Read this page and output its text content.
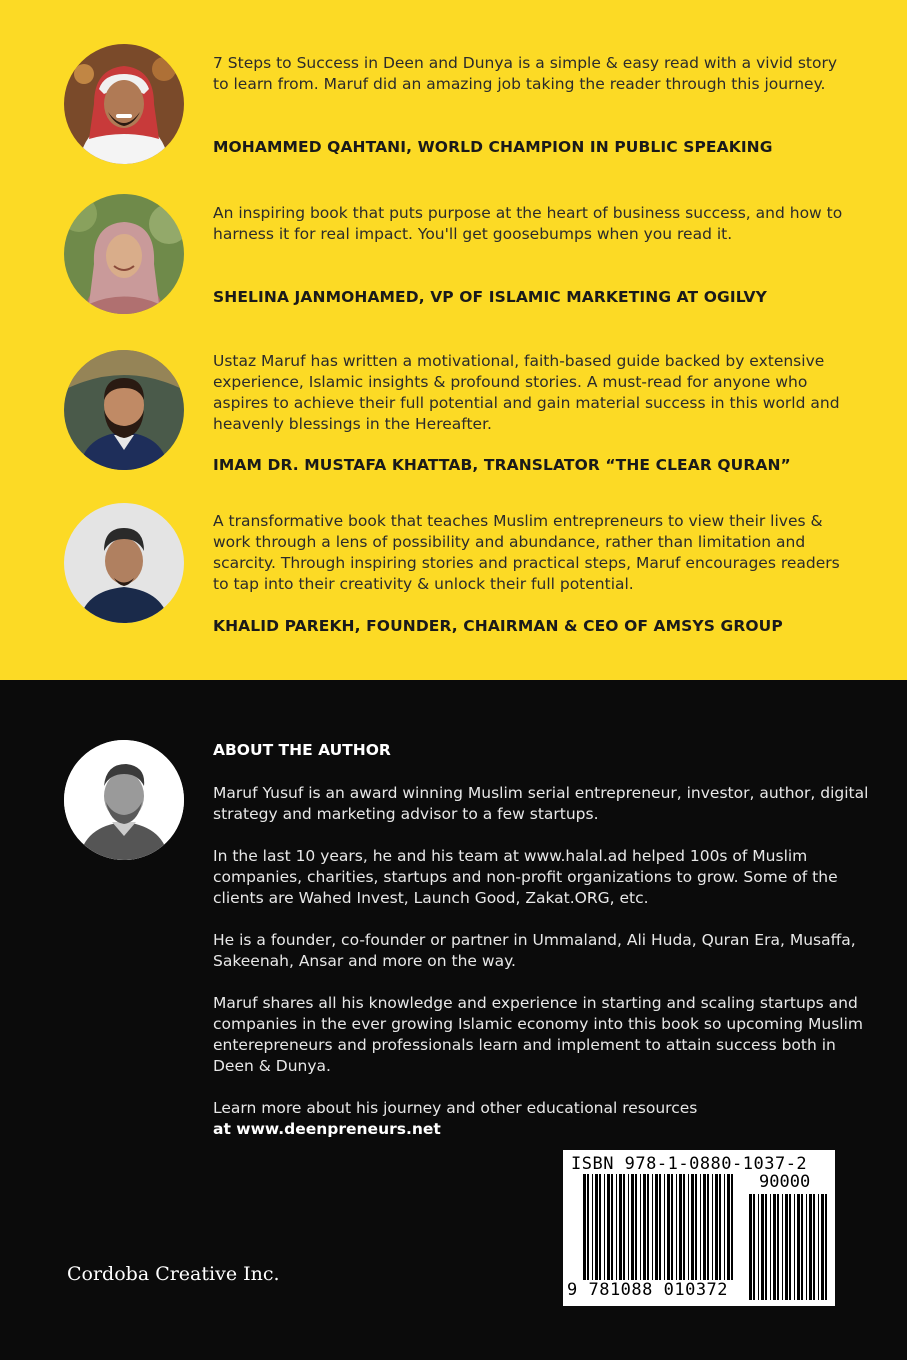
7 Steps to Success in Deen and Dunya is a simple & easy read with a vivid story to learn from. Maruf did an amazing job taking the reader through this journey.
MOHAMMED QAHTANI, WORLD CHAMPION IN PUBLIC SPEAKING
An inspiring book that puts purpose at the heart of business success, and how to harness it for real impact. You'll get goosebumps when you read it.
SHELINA JANMOHAMED, VP OF ISLAMIC MARKETING AT OGILVY
Ustaz Maruf has written a motivational, faith-based guide backed by extensive experience, Islamic insights & profound stories. A must-read for anyone who aspires to achieve their full potential and gain material success in this world and heavenly blessings in the Hereafter.
IMAM DR. MUSTAFA KHATTAB, TRANSLATOR “THE CLEAR QURAN”
A transformative book that teaches Muslim entrepreneurs to view their lives & work through a lens of possibility and abundance, rather than limitation and scarcity. Through inspiring stories and practical steps, Maruf encourages readers to tap into their creativity & unlock their full potential.
KHALID PAREKH, FOUNDER, CHAIRMAN & CEO OF AMSYS GROUP
ABOUT THE AUTHOR
Maruf Yusuf is an award winning Muslim serial entrepreneur, investor, author, digital strategy and marketing advisor to a few startups.
In the last 10 years, he and his team at www.halal.ad helped 100s of Muslim companies, charities, startups and non-profit organizations to grow. Some of the clients are Wahed Invest, Launch Good, Zakat.ORG, etc.
He is a founder, co-founder or partner in Ummaland, Ali Huda, Quran Era, Musaffa, Sakeenah, Ansar and more on the way.
Maruf shares all his knowledge and experience in starting and scaling startups and companies in the ever growing Islamic economy into this book so upcoming Muslim enterepreneurs and professionals learn and implement to attain success both in Deen & Dunya.
Learn more about his journey and other educational resources
at www.deenpreneurs.net
Cordoba Creative Inc.
ISBN 978-1-0880-1037-2
90000
9 781088 010372
